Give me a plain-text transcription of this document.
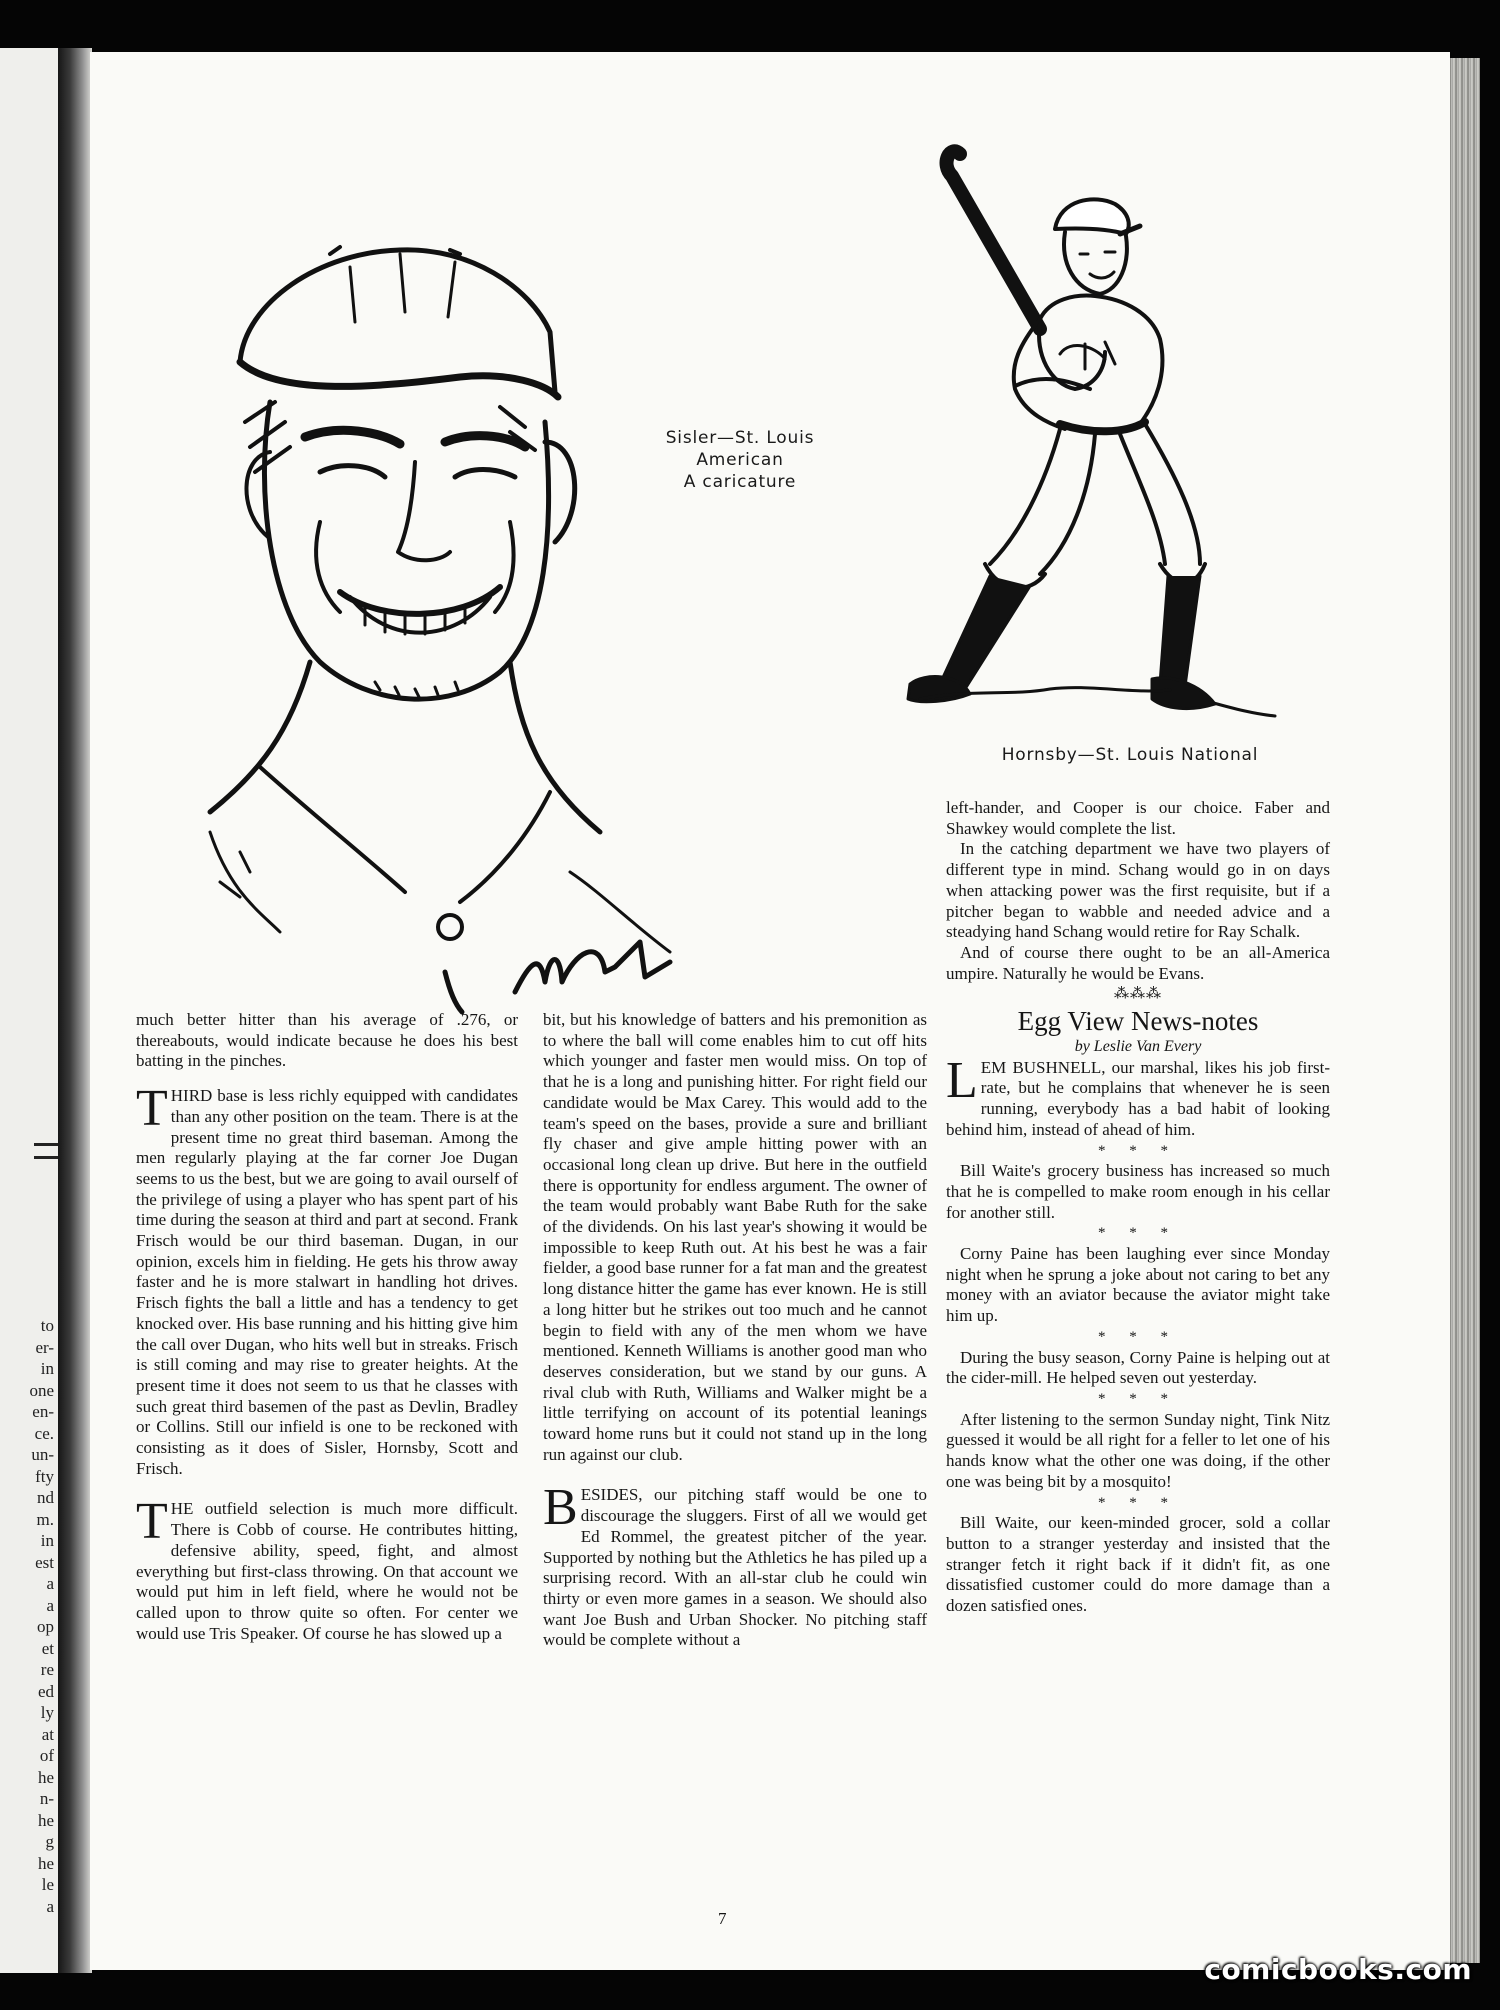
to
er-
in
one
en-
ce.
un-
fty
nd
m.
in
est
a
a
op
et
re
ed
ly
at
of
he
n-
he
g
he
le
a
Sisler—St. Louis
American
A caricature
Hornsby—St. Louis National

much better hitter than his average of .276, or thereabouts, would indicate because he does his best batting in the pinches.

THIRD base is less richly equipped with candidates than any other position on the team. There is at the present time no great third baseman. Among the men regularly playing at the far corner Joe Dugan seems to us the best, but we are going to avail ourself of the privilege of using a player who has spent part of his time during the season at third and part at second. Frank Frisch would be our third baseman. Dugan, in our opinion, excels him in fielding. He gets his throw away faster and he is more stalwart in handling hot drives. Frisch fights the ball a little and has a tendency to get knocked over. His base running and his hitting give him the call over Dugan, who hits well but in streaks. Frisch is still coming and may rise to greater heights. At the present time it does not seem to us that he classes with such great third basemen of the past as Devlin, Bradley or Collins. Still our infield is one to be reckoned with consisting as it does of Sisler, Hornsby, Scott and Frisch.

THE outfield selection is much more difficult. There is Cobb of course. He contributes hitting, defensive ability, speed, fight, and almost everything but first-class throwing. On that account we would put him in left field, where he would not be called upon to throw quite so often. For center we would use Tris Speaker. Of course he has slowed up a

bit, but his knowledge of batters and his premonition as to where the ball will come enables him to cut off hits which younger and faster men would miss. On top of that he is a long and punishing hitter. For right field our candidate would be Max Carey. This would add to the team's speed on the bases, provide a sure and brilliant fly chaser and give ample hitting power with an occasional long clean up drive. But here in the outfield there is opportunity for endless argument. The owner of the team would probably want Babe Ruth for the sake of the dividends. On his last year's showing it would be impossible to keep Ruth out. At his best he was a fair fielder, a good base runner for a fat man and the greatest long distance hitter the game has ever known. He is still a long hitter but he strikes out too much and he cannot begin to field with any of the men whom we have mentioned. Kenneth Williams is another good man who deserves consideration, but we stand by our guns. A rival club with Ruth, Williams and Walker might be a little terrifying on account of its potential leanings toward home runs but it could not stand up in the long run against our club.

BESIDES, our pitching staff would be one to discourage the sluggers. First of all we would get Ed Rommel, the greatest pitcher of the year. Supported by nothing but the Athletics he has piled up a surprising record. With an all-star club he could win thirty or even more games in a season. We should also want Joe Bush and Urban Shocker. No pitching staff would be complete without a

left-hander, and Cooper is our choice. Faber and Shawkey would complete the list.

In the catching department we have two players of different type in mind. Schang would go in on days when attacking power was the first requisite, but if a pitcher began to wabble and needed advice and a steadying hand Schang would retire for Ray Schalk.

And of course there ought to be an all-America umpire. Naturally he would be Evans.

⁂⁂⁂

Egg View News-notes

by Leslie Van Every

LEM BUSHNELL, our marshal, likes his job first-rate, but he complains that whenever he is seen running, everybody has a bad habit of looking behind him, instead of ahead of him.

* * *

Bill Waite's grocery business has increased so much that he is compelled to make room enough in his cellar for another still.

* * *

Corny Paine has been laughing ever since Monday night when he sprung a joke about not caring to bet any money with an aviator because the aviator might take him up.

* * *

During the busy season, Corny Paine is helping out at the cider-mill. He helped seven out yesterday.

* * *

After listening to the sermon Sunday night, Tink Nitz guessed it would be all right for a feller to let one of his hands know what the other one was doing, if the other one was being bit by a mosquito!

* * *

Bill Waite, our keen-minded grocer, sold a collar button to a stranger yesterday and insisted that the stranger fetch it right back if it didn't fit, as one dissatisfied customer could do more damage than a dozen satisfied ones.

7
comicbooks.com
